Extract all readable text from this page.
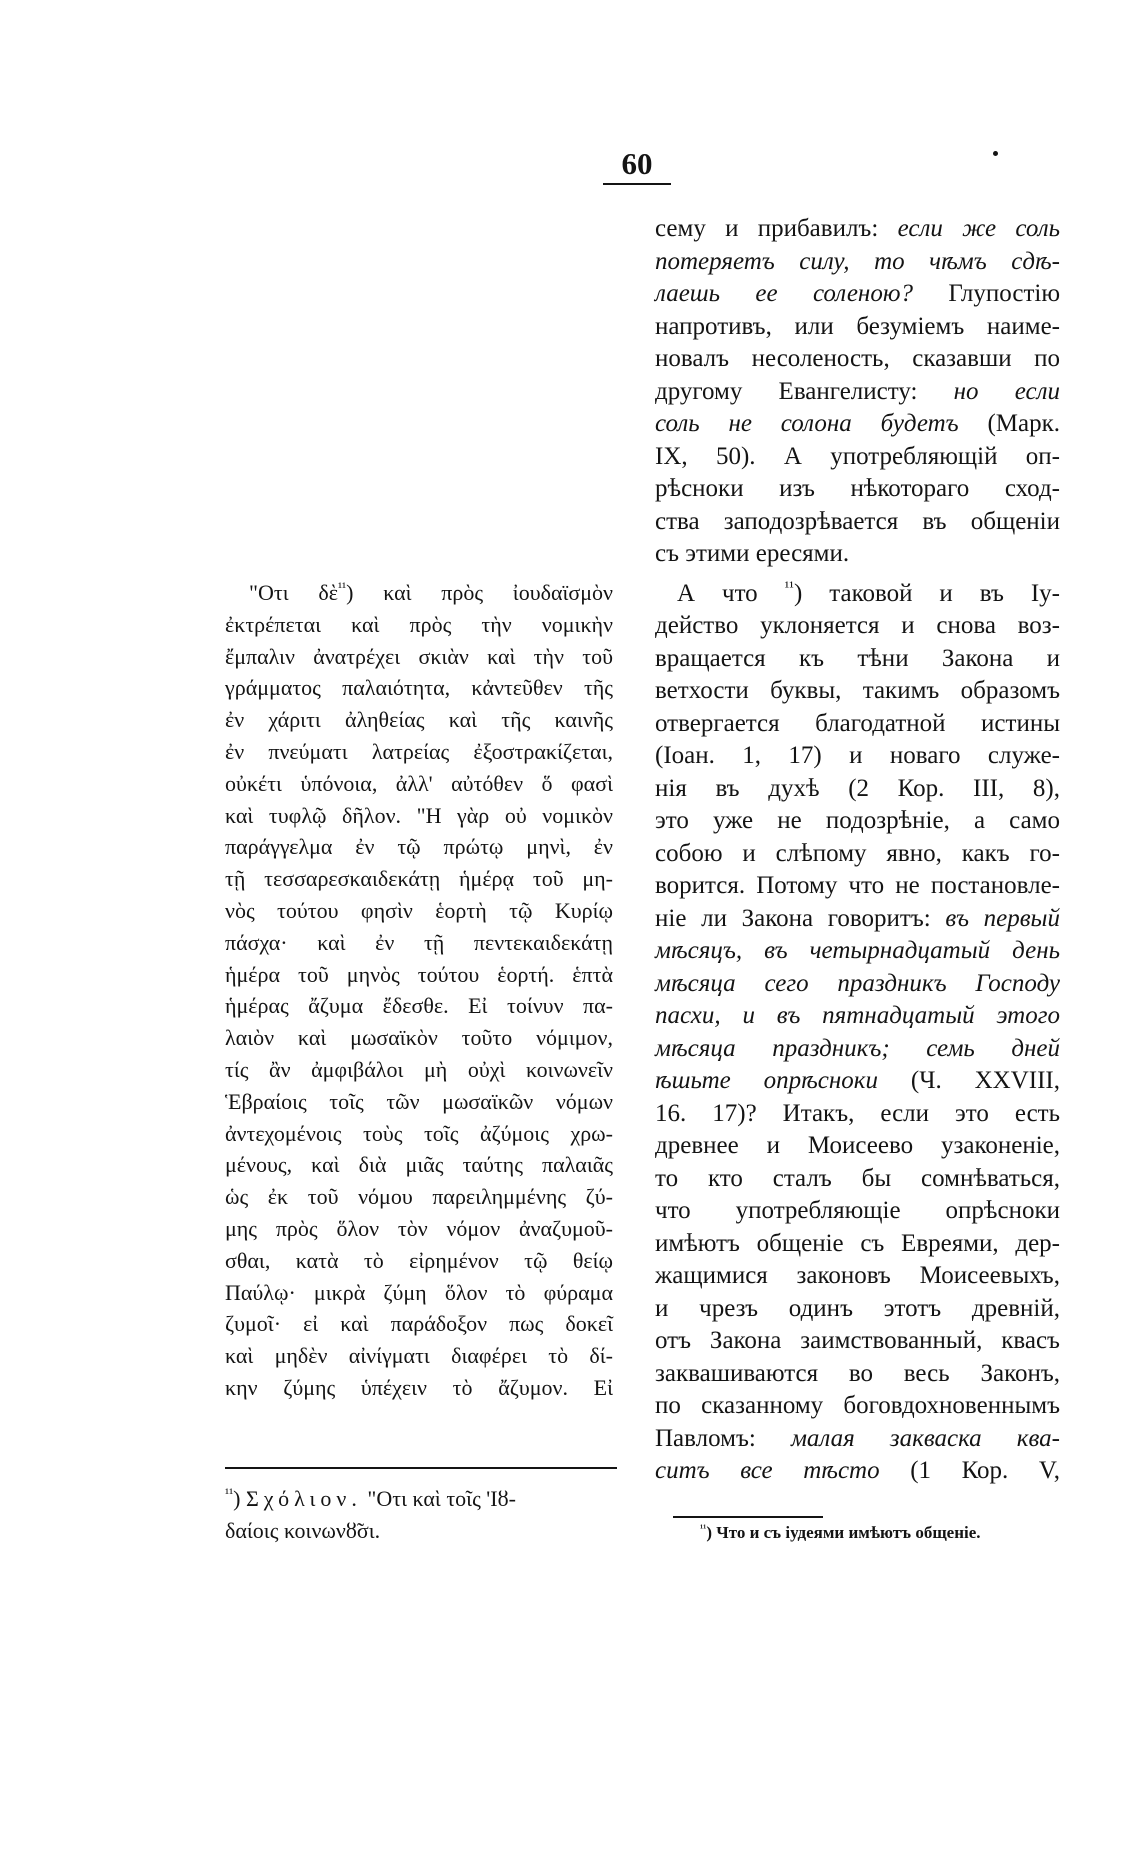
60
"Οτι δὲ$^{^{11}}$) καὶ πρὸς ἰουδαϊσμὸν
ἐκτρέπεται καὶ πρὸς τὴν νομικὴν
ἔμπαλιν ἀνατρέχει σκιὰν καὶ τὴν τοῦ
γράμματος παλαιότητα, κἀντεῦθεν τῆς
ἐν χάριτι ἀληθείας καὶ τῆς καινῆς
ἐν πνεύματι λατρείας ἐξοστρακίζεται,
οὐκέτι ὑπόνοια, ἀλλ' αὐτόθεν ὅ φασὶ
καὶ τυφλῷ δῆλον. "Η γὰρ οὐ νομικὸν
παράγγελμα ἐν τῷ πρώτῳ μηνὶ, ἐν
τῇ τεσσαρεσκαιδεκάτῃ ἡμέρᾳ τοῦ μη-
νὸς τούτου φησὶν ἑορτὴ τῷ Κυρίῳ
πάσχα· καὶ ἐν τῇ πεντεκαιδεκάτῃ
ἡμέρα τοῦ μηνὸς τούτου ἑορτή. ἑπτὰ
ἡμέρας ἄζυμα ἔδεσθε. Εἰ τοίνυν πα-
λαιὸν καὶ μωσαϊκὸν τοῦτο νόμιμον,
τίς ἂν ἀμφιβάλοι μὴ οὐχὶ κοινωνεῖν
Ἑβραίοις τοῖς τῶν μωσαϊκῶν νόμων
ἀντεχομένοις τοὺς τοῖς ἀζύμοις χρω-
μένους, καὶ διὰ μιᾶς ταύτης παλαιᾶς
ὡς ἐκ τοῦ νόμου παρειλημμένης ζύ-
μης πρὸς ὅλον τὸν νόμον ἀναζυμοῦ-
σθαι, κατὰ τὸ εἰρημένον τῷ θείῳ
Παύλῳ· μικρὰ ζύμη ὅλον τὸ φύραμα
ζυμοῖ· εἰ καὶ παράδοξον πως δοκεῖ
καὶ μηδὲν αἰνίγματι διαφέρει τὸ δί-
κην ζύμης ὑπέχειν τὸ ἄζυμον. Εἰ
$^{^{11}}$) Σχόλιον. "Οτι καὶ τοῖς 'Ιȣ-
δαίοις κοινωνȣ̃σι.
сему и прибавилъ: если же соль
потеряетъ силу, то чѣмъ сдѣ-
лаешь ее соленою? Глупостію
напротивъ, или безуміемъ наиме-
новалъ несоленость, сказавши по
другому Евангелисту: но если
соль не солона будетъ (Марк.
IX, 50). А употребляющій оп-
рѣсноки изъ нѣкотораго сход-
ства заподозрѣвается въ общеніи
съ этими ересями.
А что $^{^{11}}$) таковой и въ Іу-
действо уклоняется и снова воз-
вращается къ тѣни Закона и
ветхости буквы, такимъ образомъ
отвергается благодатной истины
(Іоан. 1, 17) и новаго служе-
нія въ духѣ (2 Кор. III, 8),
это уже не подозрѣніе, а само
собою и слѣпому явно, какъ го-
ворится. Потому что не постановле-
ніе ли Закона говоритъ: въ первый
мѣсяцъ, въ четырнадцатый день
мѣсяца сего праздникъ Господу
пасхи, и въ пятнадцатый этого
мѣсяца праздникъ; семь дней
ѣшьте опрѣсноки (Ч. XXVIII,
16. 17)? Итакъ, если это есть
древнее и Моисеево узаконеніе,
то кто сталъ бы сомнѣваться,
что употребляющіе опрѣсноки
имѣютъ общеніе съ Евреями, дер-
жащимися законовъ Моисеевыхъ,
и чрезъ одинъ этотъ древній,
отъ Закона заимствованный, квасъ
заквашиваются во весь Законъ,
по сказанному боговдохновеннымъ
Павломъ: малая закваска ква-
ситъ все тѣсто (1 Кор. V,
$^{^{11}}$) Что и съ іудеями имѣютъ общеніе.
